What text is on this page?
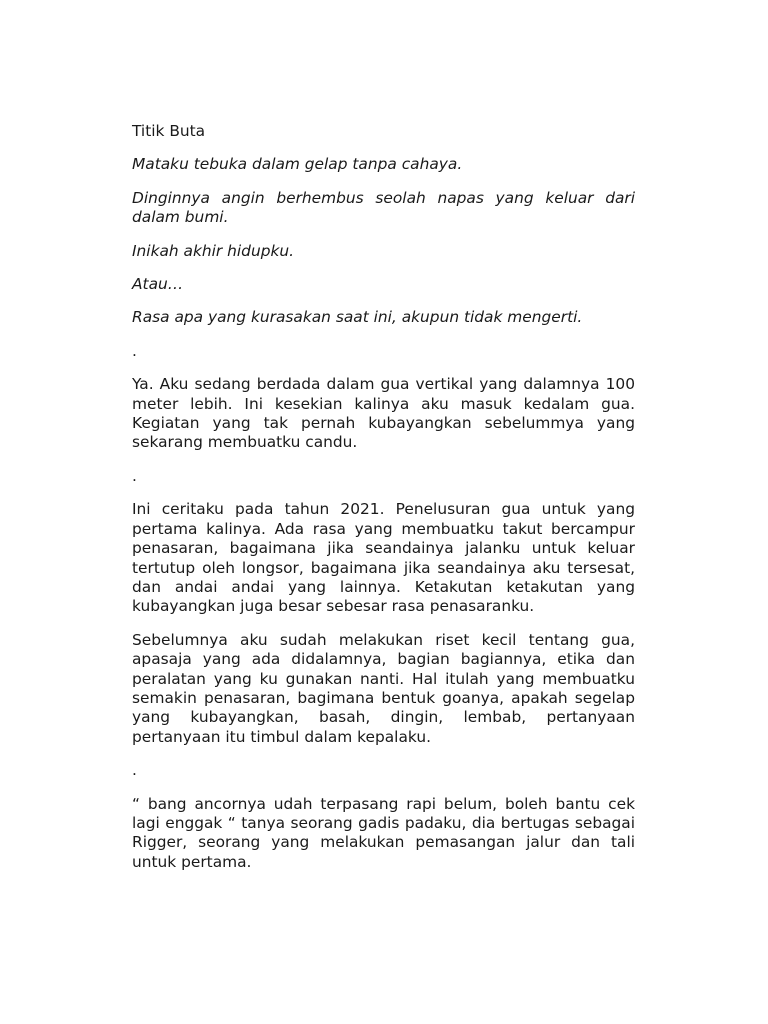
Titik Buta

Mataku tebuka dalam gelap tanpa cahaya.

Dinginnya angin berhembus seolah napas yang keluar dari dalam bumi.

Inikah akhir hidupku.

Atau…

Rasa apa yang kurasakan saat ini, akupun tidak mengerti.

.

Ya. Aku sedang berdada dalam gua vertikal yang dalamnya 100 meter lebih. Ini kesekian kalinya aku masuk kedalam gua. Kegiatan yang tak pernah kubayangkan sebelummya yang sekarang membuatku candu.

.

Ini ceritaku pada tahun 2021. Penelusuran gua untuk yang pertama kalinya. Ada rasa yang membuatku takut bercampur penasaran, bagaimana jika seandainya jalanku untuk keluar tertutup oleh longsor, bagaimana jika seandainya aku tersesat, dan andai andai yang lainnya. Ketakutan ketakutan yang kubayangkan juga besar sebesar rasa penasaranku.

Sebelumnya aku sudah melakukan riset kecil tentang gua, apasaja yang ada didalamnya, bagian bagiannya, etika dan peralatan yang ku gunakan nanti. Hal itulah yang membuatku semakin penasaran, bagimana bentuk goanya, apakah segelap yang kubayangkan, basah, dingin, lembab, pertanyaan pertanyaan itu timbul dalam kepalaku.

.

“ bang ancornya udah terpasang rapi belum, boleh bantu cek lagi enggak “ tanya seorang gadis padaku, dia bertugas sebagai Rigger, seorang yang melakukan pemasangan jalur dan tali untuk pertama.
